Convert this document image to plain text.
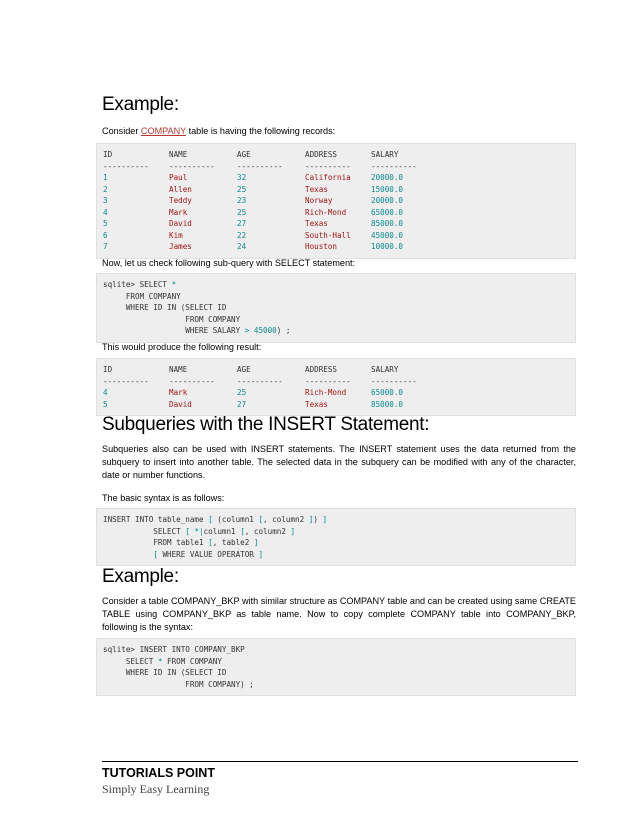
Example:

Consider COMPANY table is having the following records:

ID	NAME	AGE	ADDRESS	SALARY
----------	----------	----------	----------	----------
1	Paul	32	California	20000.0
2	Allen	25	Texas	15000.0
3	Teddy	23	Norway	20000.0
4	Mark	25	Rich-Mond	65000.0
5	David	27	Texas	85000.0
6	Kim	22	South-Hall	45000.0
7	James	24	Houston	10000.0

Now, let us check following sub-query with SELECT statement:

sqlite> SELECT *
FROM COMPANY
WHERE ID IN (SELECT ID
FROM COMPANY
WHERE SALARY > 45000) ;

This would produce the following result:

ID	NAME	AGE	ADDRESS	SALARY
----------	----------	----------	----------	----------
4	Mark	25	Rich-Mond	65000.0
5	David	27	Texas	85000.0
Subqueries with the INSERT Statement:

Subqueries also can be used with INSERT statements. The INSERT statement uses the data returned from the subquery to insert into another table. The selected data in the subquery can be modified with any of the character, date or number functions.

The basic syntax is as follows:

INSERT INTO table_name [ (column1 [, column2 ]) ]
SELECT [ *|column1 [, column2 ]
FROM table1 [, table2 ]
[ WHERE VALUE OPERATOR ]
Example:

Consider a table COMPANY_BKP with similar structure as COMPANY table and can be created using same CREATE TABLE using COMPANY_BKP as table name. Now to copy complete COMPANY table into COMPANY_BKP, following is the syntax:

sqlite> INSERT INTO COMPANY_BKP
SELECT * FROM COMPANY
WHERE ID IN (SELECT ID
FROM COMPANY) ;

TUTORIALS POINT

Simply Easy Learning
